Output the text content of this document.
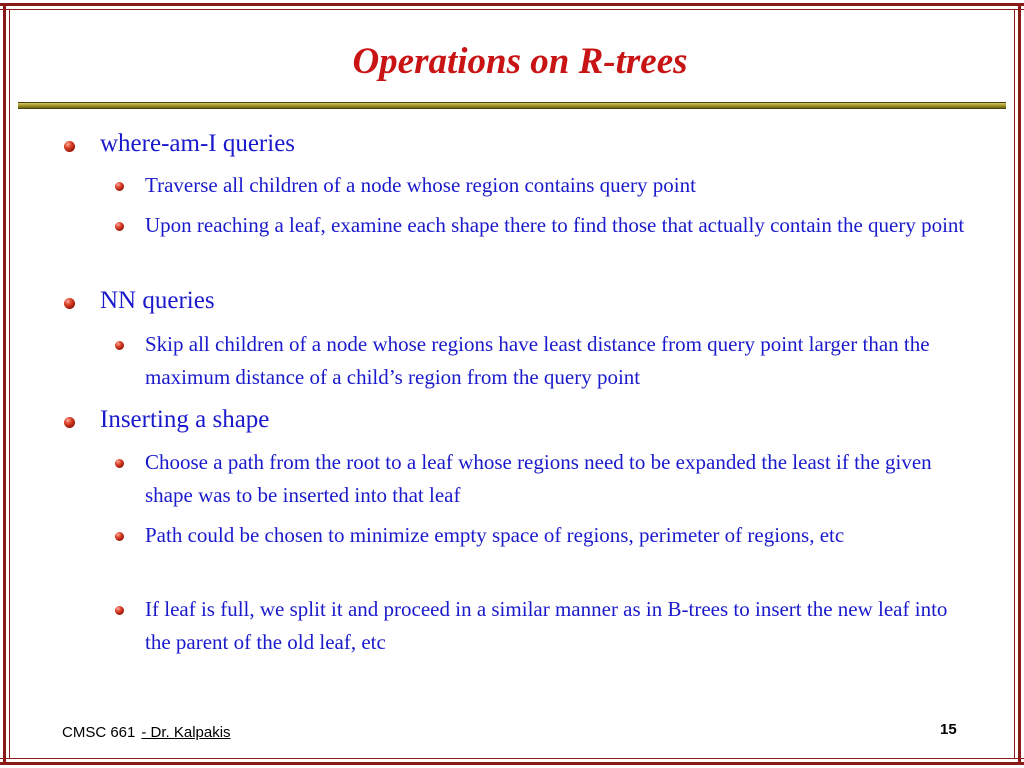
Operations on R-trees

where-am-I queries

Traverse all children of a node whose region contains query point

Upon reaching a leaf, examine each shape there to find those that actually contain the query point

NN queries

Skip all children of a node whose regions have least distance from query point larger than the maximum distance of a child’s region from the query point

Inserting a shape

Choose a path from the root to a leaf whose regions need to be expanded the least if the given shape was to be inserted into that leaf

Path could be chosen to minimize empty space of regions, perimeter of regions, etc

If leaf is full, we split it and proceed in a similar manner as in B-trees to insert the new leaf into the parent of the old leaf, etc

CMSC 661 - Dr. Kalpakis	15
